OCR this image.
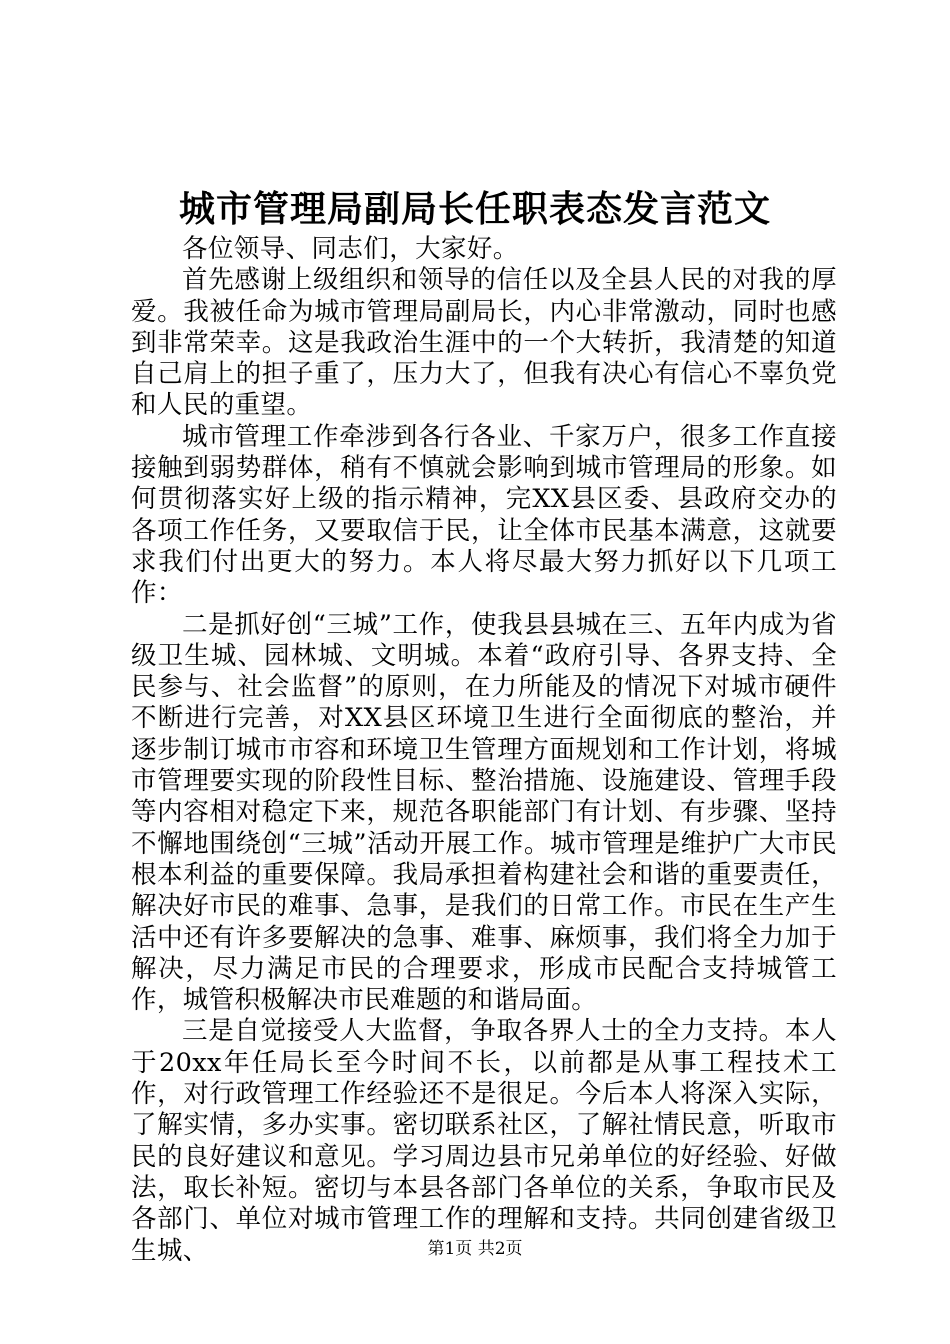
城市管理局副局长任职表态发言范文

各位领导、同志们，大家好。

首先感谢上级组织和领导的信任以及全县人民的对我的厚爱。我被任命为城市管理局副局长，内心非常激动，同时也感到非常荣幸。这是我政治生涯中的一个大转折，我清楚的知道自己肩上的担子重了，压力大了，但我有决心有信心不辜负党和人民的重望。

城市管理工作牵涉到各行各业、千家万户，很多工作直接接触到弱势群体，稍有不慎就会影响到城市管理局的形象。如何贯彻落实好上级的指示精神，完XX县区委、县政府交办的各项工作任务，又要取信于民，让全体市民基本满意，这就要求我们付出更大的努力。本人将尽最大努力抓好以下几项工作：

二是抓好创“三城”工作，使我县县城在三、五年内成为省级卫生城、园林城、文明城。本着“政府引导、各界支持、全民参与、社会监督”的原则，在力所能及的情况下对城市硬件不断进行完善，对XX县区环境卫生进行全面彻底的整治，并逐步制订城市市容和环境卫生管理方面规划和工作计划，将城市管理要实现的阶段性目标、整治措施、设施建设、管理手段等内容相对稳定下来，规范各职能部门有计划、有步骤、坚持不懈地围绕创“三城”活动开展工作。城市管理是维护广大市民根本利益的重要保障。我局承担着构建社会和谐的重要责任，解决好市民的难事、急事，是我们的日常工作。市民在生产生活中还有许多要解决的急事、难事、麻烦事，我们将全力加于解决，尽力满足市民的合理要求，形成市民配合支持城管工作，城管积极解决市民难题的和谐局面。

三是自觉接受人大监督，争取各界人士的全力支持。本人于20xx年任局长至今时间不长，以前都是从事工程技术工作，对行政管理工作经验还不是很足。今后本人将深入实际，了解实情，多办实事。密切联系社区，了解社情民意，听取市民的良好建议和意见。学习周边县市兄弟单位的好经验、好做法，取长补短。密切与本县各部门各单位的关系，争取市民及各部门、单位对城市管理工作的理解和支持。共同创建省级卫生城、	第1页 共2页
